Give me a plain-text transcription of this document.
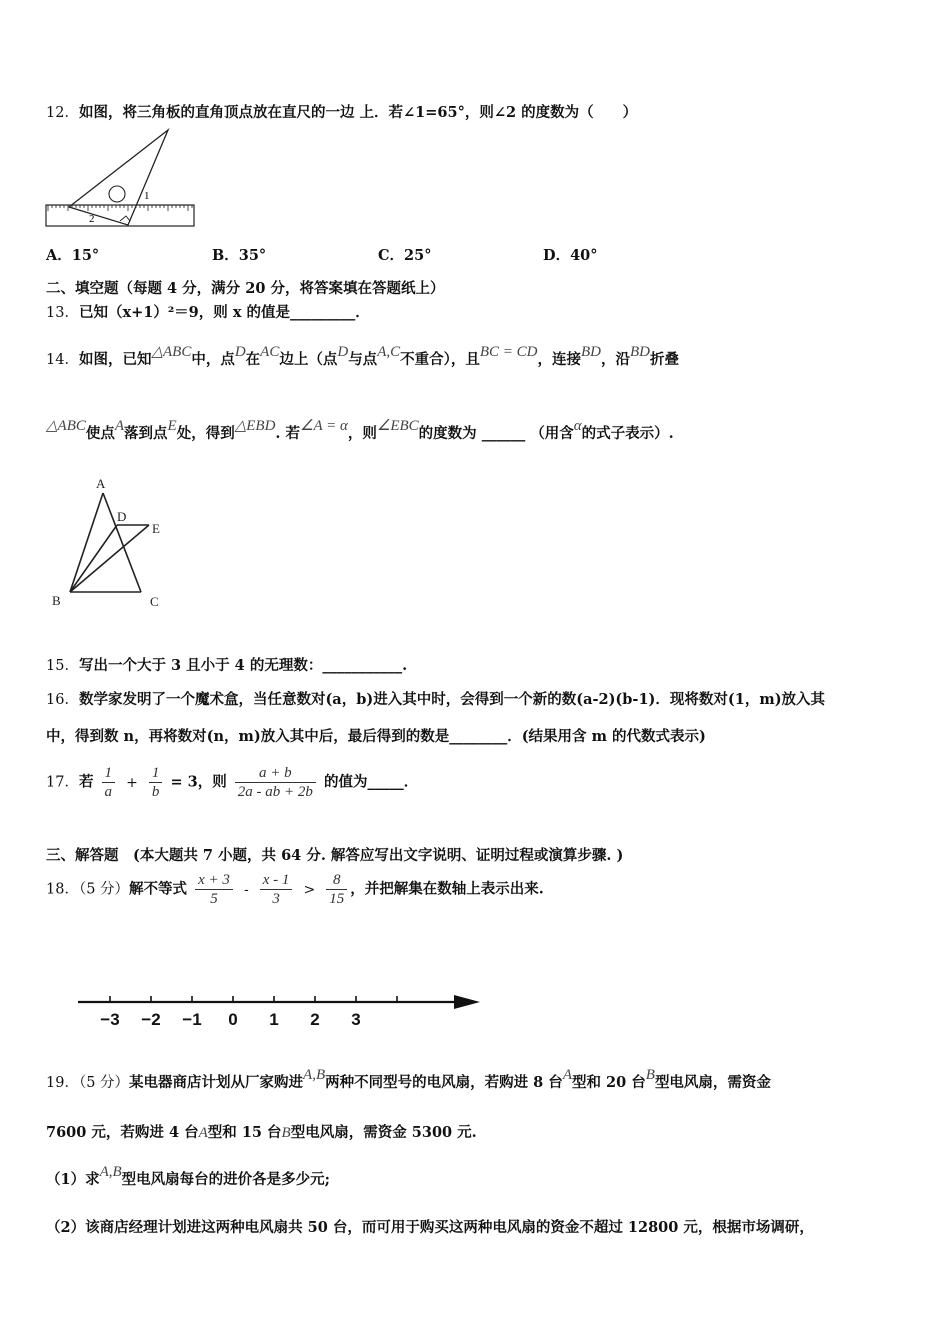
12．如图，将三角板的直角顶点放在直尺的一边 上．若∠1=65°，则∠2 的度数为（　　）
1
2
A．15°	B．35°	C．25°	D．40°
二、填空题（每题 4 分，满分 20 分，将答案填在答题纸上）
13．已知（x+1）²＝9，则 x 的值是_________．
14．如图，已知△ABC中，点D在AC边上（点D与点A,C不重合），且BC = CD，连接BD，沿BD折叠
△ABC使点A落到点E处，得到△EBD. 若∠A = α，则∠EBC的度数为 ______ （用含α的式子表示）.
A
D
E
B	C
15．写出一个大于 3 且小于 4 的无理数：___________.
16．数学家发明了一个魔术盒，当任意数对(a，b)进入其中时，会得到一个新的数(a-2)(b-1)．现将数对(1，m)放入其
中，得到数 n，再将数对(n，m)放入其中后，最后得到的数是________．(结果用含 m 的代数式表示)
17．若 $\frac{1}{a} + \frac{1}{b} = 3$，则 $\frac{a + b}{2a - ab + 2b}$ 的值为_____．
三、解答题　(本大题共 7 小题，共 64 分. 解答应写出文字说明、证明过程或演算步骤. )
18．（5 分）解不等式 $\frac{x + 3}{5} - \frac{x - 1}{3} > \frac{8}{15}$ ，并把解集在数轴上表示出来.
−3 −2 −1 0 1 2 3
19．（5 分）某电器商店计划从厂家购进A,B两种不同型号的电风扇，若购进 8 台A型和 20 台B型电风扇，需资金
7600 元，若购进 4 台A型和 15 台B型电风扇，需资金 5300 元.
（1）求A,B型电风扇每台的进价各是多少元;
（2）该商店经理计划进这两种电风扇共 50 台，而可用于购买这两种电风扇的资金不超过 12800 元，根据市场调研，
